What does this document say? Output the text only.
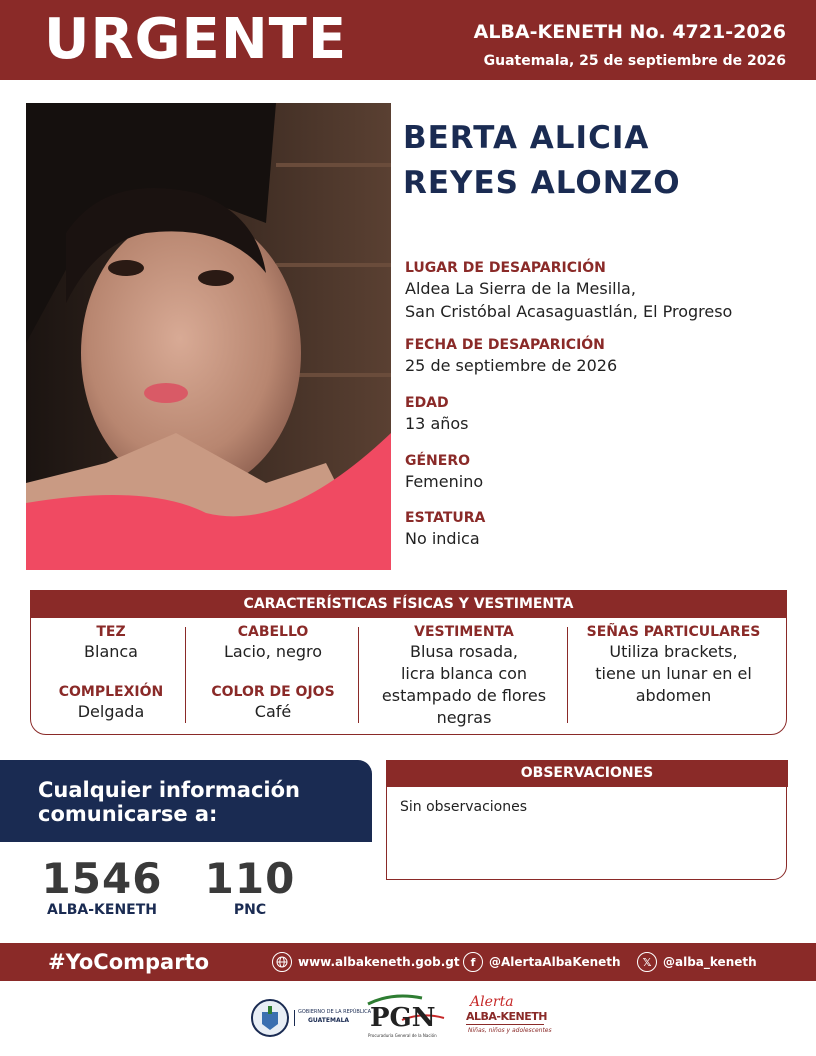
URGENTE	ALBA-KENETH No. 4721-2026
Guatemala, 25 de septiembre de 2026
BERTA ALICIA
REYES ALONZO
LUGAR DE DESAPARICIÓN
Aldea La Sierra de la Mesilla,
San Cristóbal Acasaguastlán, El Progreso
FECHA DE DESAPARICIÓN
25 de septiembre de 2026
EDAD
13 años
GÉNERO
Femenino
ESTATURA
No indica
CARACTERÍSTICAS FÍSICAS Y VESTIMENTA
TEZ
Blanca
COMPLEXIÓN
Delgada
CABELLO
Lacio, negro
COLOR DE OJOS
Café
VESTIMENTA
Blusa rosada,
licra blanca con
estampado de flores
negras
SEÑAS PARTICULARES
Utiliza brackets,
tiene un lunar en el
abdomen
Cualquier información
comunicarse a:
1546
ALBA-KENETH
110
PNC
OBSERVACIONES
Sin observaciones
#YoComparto	www.albakeneth.gob.gt	f	@AlertaAlbaKeneth	𝕏 @alba_keneth
GOBIERNO DE LA REPÚBLICA
GUATEMALA PGN
Procuraduría General de la Nación
Alerta
ALBA-KENETH
Niñas, niños y adolescentes
